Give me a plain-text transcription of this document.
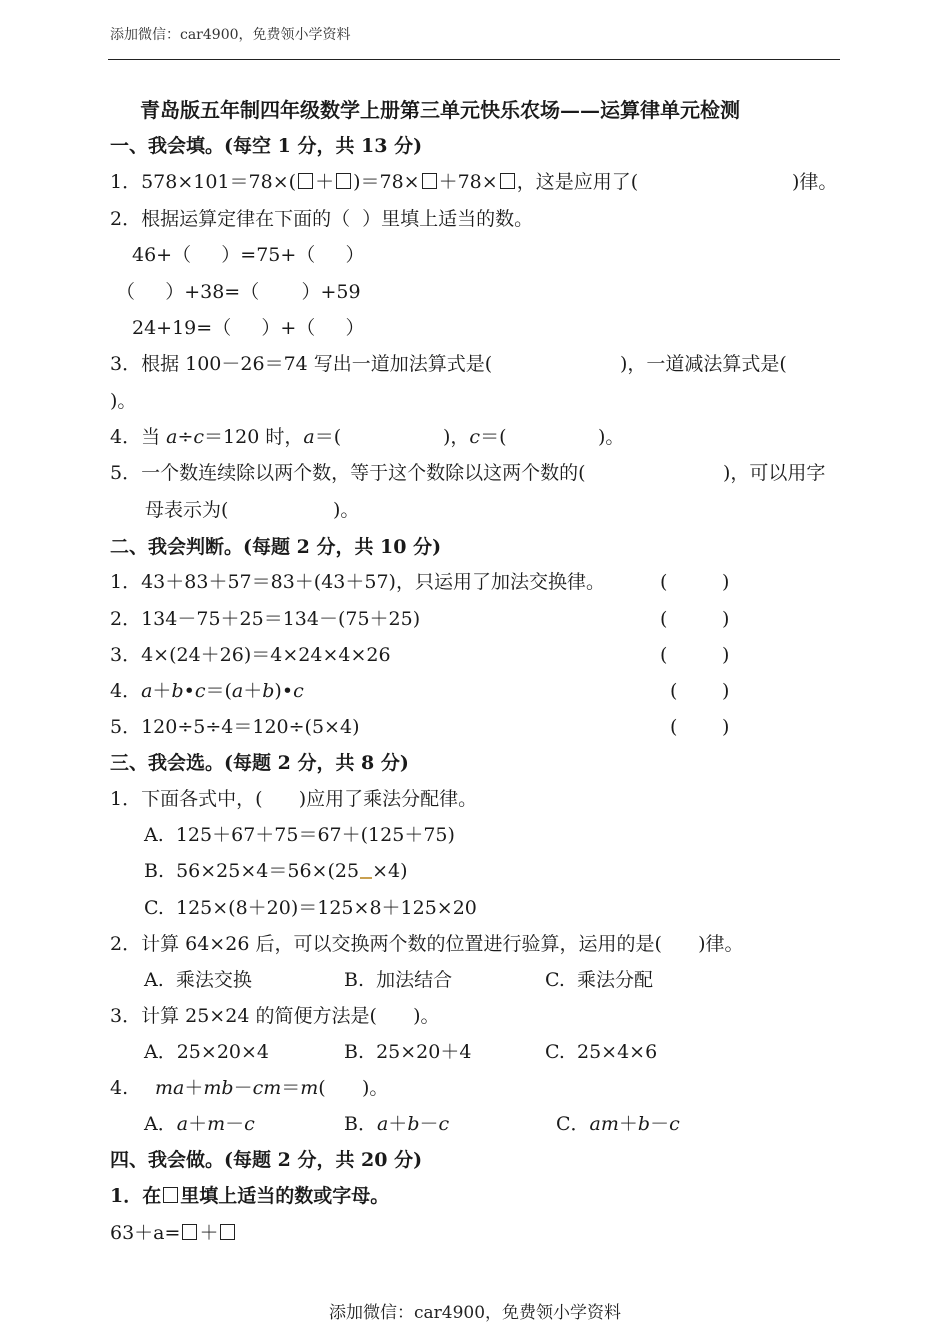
添加微信：car4900，免费领小学资料
青岛版五年制四年级数学上册第三单元快乐农场——运算律单元检测
一、我会填。(每空 1 分，共 13 分)
1．578×101＝78×( ＋ )＝78× ＋78× ，这是应用了(	)律。
2．根据运算定律在下面的（  ）里填上适当的数。
46+（     ）=75+（     ）
（     ）+38=（       ）+59
24+19=（     ）+（     ）
3．根据 100－26＝74 写出一道加法算式是(	)，一道减法算式是(
)。
4．当 a÷c＝120 时，a＝(	)，c＝(	)。
5．一个数连续除以两个数，等于这个数除以这两个数的(	)，可以用字
母表示为(	)。
二、我会判断。(每题 2 分，共 10 分)
1．43＋83＋57＝83＋(43＋57)，只运用了加法交换律。	(	)
2．134－75＋25＝134－(75＋25)	(	)
3．4×(24＋26)＝4×24×4×26	(	)
4．a＋b•c＝(a＋b)•c	( )
5．120÷5÷4＝120÷(5×4)	( )
三、我会选。(每题 2 分，共 8 分)
1．下面各式中，(      )应用了乘法分配律。
A.  125＋67＋75＝67＋(125＋75)
B.  56×25×4＝56×(25 ×4)
C.  125×(8＋20)＝125×8＋125×20
2．计算 64×26 后，可以交换两个数的位置进行验算，运用的是(      )律。
A.  乘法交换	B.  加法结合	C.  乘法分配
3．计算 25×24 的简便方法是(      )。
A．25×20×4	B.  25×20＋4	C.  25×4×6
4. ma＋mb－cm＝m(      )。
A．a＋m－c	B．a＋b－c	C．am＋b－c
四、我会做。(每题 2 分，共 20 分)
1．在 里填上适当的数或字母。
63＋a= ＋
添加微信：car4900，免费领小学资料
